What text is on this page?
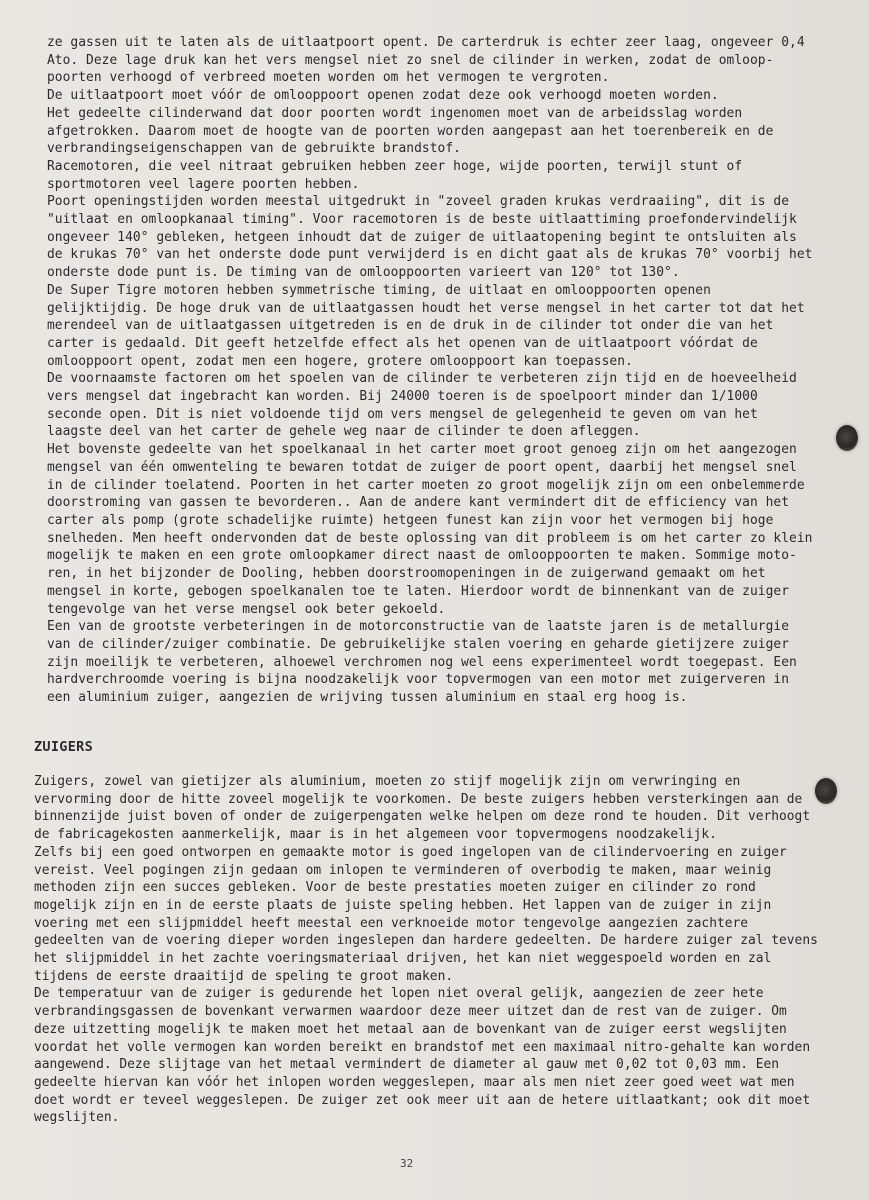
ze gassen uit te laten als de uitlaatpoort opent. De carterdruk is echter zeer laag, ongeveer 0,4 Ato. Deze lage druk kan het vers mengsel niet zo snel de cilinder in werken, zodat de omlooppoorten verhoogd of verbreed moeten worden om het vermogen te vergroten.

De uitlaatpoort moet vóór de omlooppoort openen zodat deze ook verhoogd moeten worden.

Het gedeelte cilinderwand dat door poorten wordt ingenomen moet van de arbeidsslag worden afgetrokken. Daarom moet de hoogte van de poorten worden aangepast aan het toerenbereik en de verbrandingseigenschappen van de gebruikte brandstof.

Racemotoren, die veel nitraat gebruiken hebben zeer hoge, wijde poorten, terwijl stunt of sportmotoren veel lagere poorten hebben.

Poort openingstijden worden meestal uitgedrukt in "zoveel graden krukas verdraaiing", dit is de "uitlaat en omloopkanaal timing". Voor racemotoren is de beste uitlaattiming proefondervindelijk ongeveer 140° gebleken, hetgeen inhoudt dat de zuiger de uitlaatopening begint te ontsluiten als de krukas 70° van het onderste dode punt verwijderd is en dicht gaat als de krukas 70° voorbij het onderste dode punt is. De timing van de omlooppoorten varieert van 120° tot 130°.

De Super Tigre motoren hebben symmetrische timing, de uitlaat en omlooppoorten openen gelijktijdig. De hoge druk van de uitlaatgassen houdt het verse mengsel in het carter tot dat het merendeel van de uitlaatgassen uitgetreden is en de druk in de cilinder tot onder die van het carter is gedaald. Dit geeft hetzelfde effect als het openen van de uitlaatpoort vóórdat de omlooppoort opent, zodat men een hogere, grotere omlooppoort kan toepassen.

De voornaamste factoren om het spoelen van de cilinder te verbeteren zijn tijd en de hoeveelheid vers mengsel dat ingebracht kan worden. Bij 24000 toeren is de spoelpoort minder dan 1/1000 seconde open. Dit is niet voldoende tijd om vers mengsel de gelegenheid te geven om van het laagste deel van het carter de gehele weg naar de cilinder te doen afleggen.

Het bovenste gedeelte van het spoelkanaal in het carter moet groot genoeg zijn om het aangezogen mengsel van één omwenteling te bewaren totdat de zuiger de poort opent, daarbij het mengsel snel in de cilinder toelatend. Poorten in het carter moeten zo groot mogelijk zijn om een onbelemmerde doorstroming van gassen te bevorderen.. Aan de andere kant vermindert dit de efficiency van het carter als pomp (grote schadelijke ruimte) hetgeen funest kan zijn voor het vermogen bij hoge snelheden. Men heeft ondervonden dat de beste oplossing van dit probleem is om het carter zo klein mogelijk te maken en een grote omloopkamer direct naast de omlooppoorten te maken. Sommige motoren, in het bijzonder de Dooling, hebben doorstroomopeningen in de zuigerwand gemaakt om het mengsel in korte, gebogen spoelkanalen toe te laten. Hierdoor wordt de binnenkant van de zuiger tengevolge van het verse mengsel ook beter gekoeld.

Een van de grootste verbeteringen in de motorconstructie van de laatste jaren is de metallurgie van de cilinder/zuiger combinatie. De gebruikelijke stalen voering en geharde gietijzere zuiger zijn moeilijk te verbeteren, alhoewel verchromen nog wel eens experimenteel wordt toegepast. Een hardverchroomde voering is bijna noodzakelijk voor topvermogen van een motor met zuigerveren in een aluminium zuiger, aangezien de wrijving tussen aluminium en staal erg hoog is.

ZUIGERS

Zuigers, zowel van gietijzer als aluminium, moeten zo stijf mogelijk zijn om verwringing en vervorming door de hitte zoveel mogelijk te voorkomen. De beste zuigers hebben versterkingen aan de binnenzijde juist boven of onder de zuigerpengaten welke helpen om deze rond te houden. Dit verhoogt de fabricagekosten aanmerkelijk, maar is in het algemeen voor topvermogens noodzakelijk.

Zelfs bij een goed ontworpen en gemaakte motor is goed ingelopen van de cilindervoering en zuiger vereist. Veel pogingen zijn gedaan om inlopen te verminderen of overbodig te maken, maar weinig methoden zijn een succes gebleken. Voor de beste prestaties moeten zuiger en cilinder zo rond mogelijk zijn en in de eerste plaats de juiste speling hebben. Het lappen van de zuiger in zijn voering met een slijpmiddel heeft meestal een verknoeide motor tengevolge aangezien zachtere gedeelten van de voering dieper worden ingeslepen dan hardere gedeelten. De hardere zuiger zal tevens het slijpmiddel in het zachte voeringsmateriaal drijven, het kan niet weggespoeld worden en zal tijdens de eerste draaitijd de speling te groot maken.

De temperatuur van de zuiger is gedurende het lopen niet overal gelijk, aangezien de zeer hete verbrandingsgassen de bovenkant verwarmen waardoor deze meer uitzet dan de rest van de zuiger. Om deze uitzetting mogelijk te maken moet het metaal aan de bovenkant van de zuiger eerst wegslijten voordat het volle vermogen kan worden bereikt en brandstof met een maximaal nitro-gehalte kan worden aangewend. Deze slijtage van het metaal vermindert de diameter al gauw met 0,02 tot 0,03 mm. Een gedeelte hiervan kan vóór het inlopen worden weggeslepen, maar als men niet zeer goed weet wat men doet wordt er teveel weggeslepen. De zuiger zet ook meer uit aan de hetere uitlaatkant; ook dit moet wegslijten.

32
